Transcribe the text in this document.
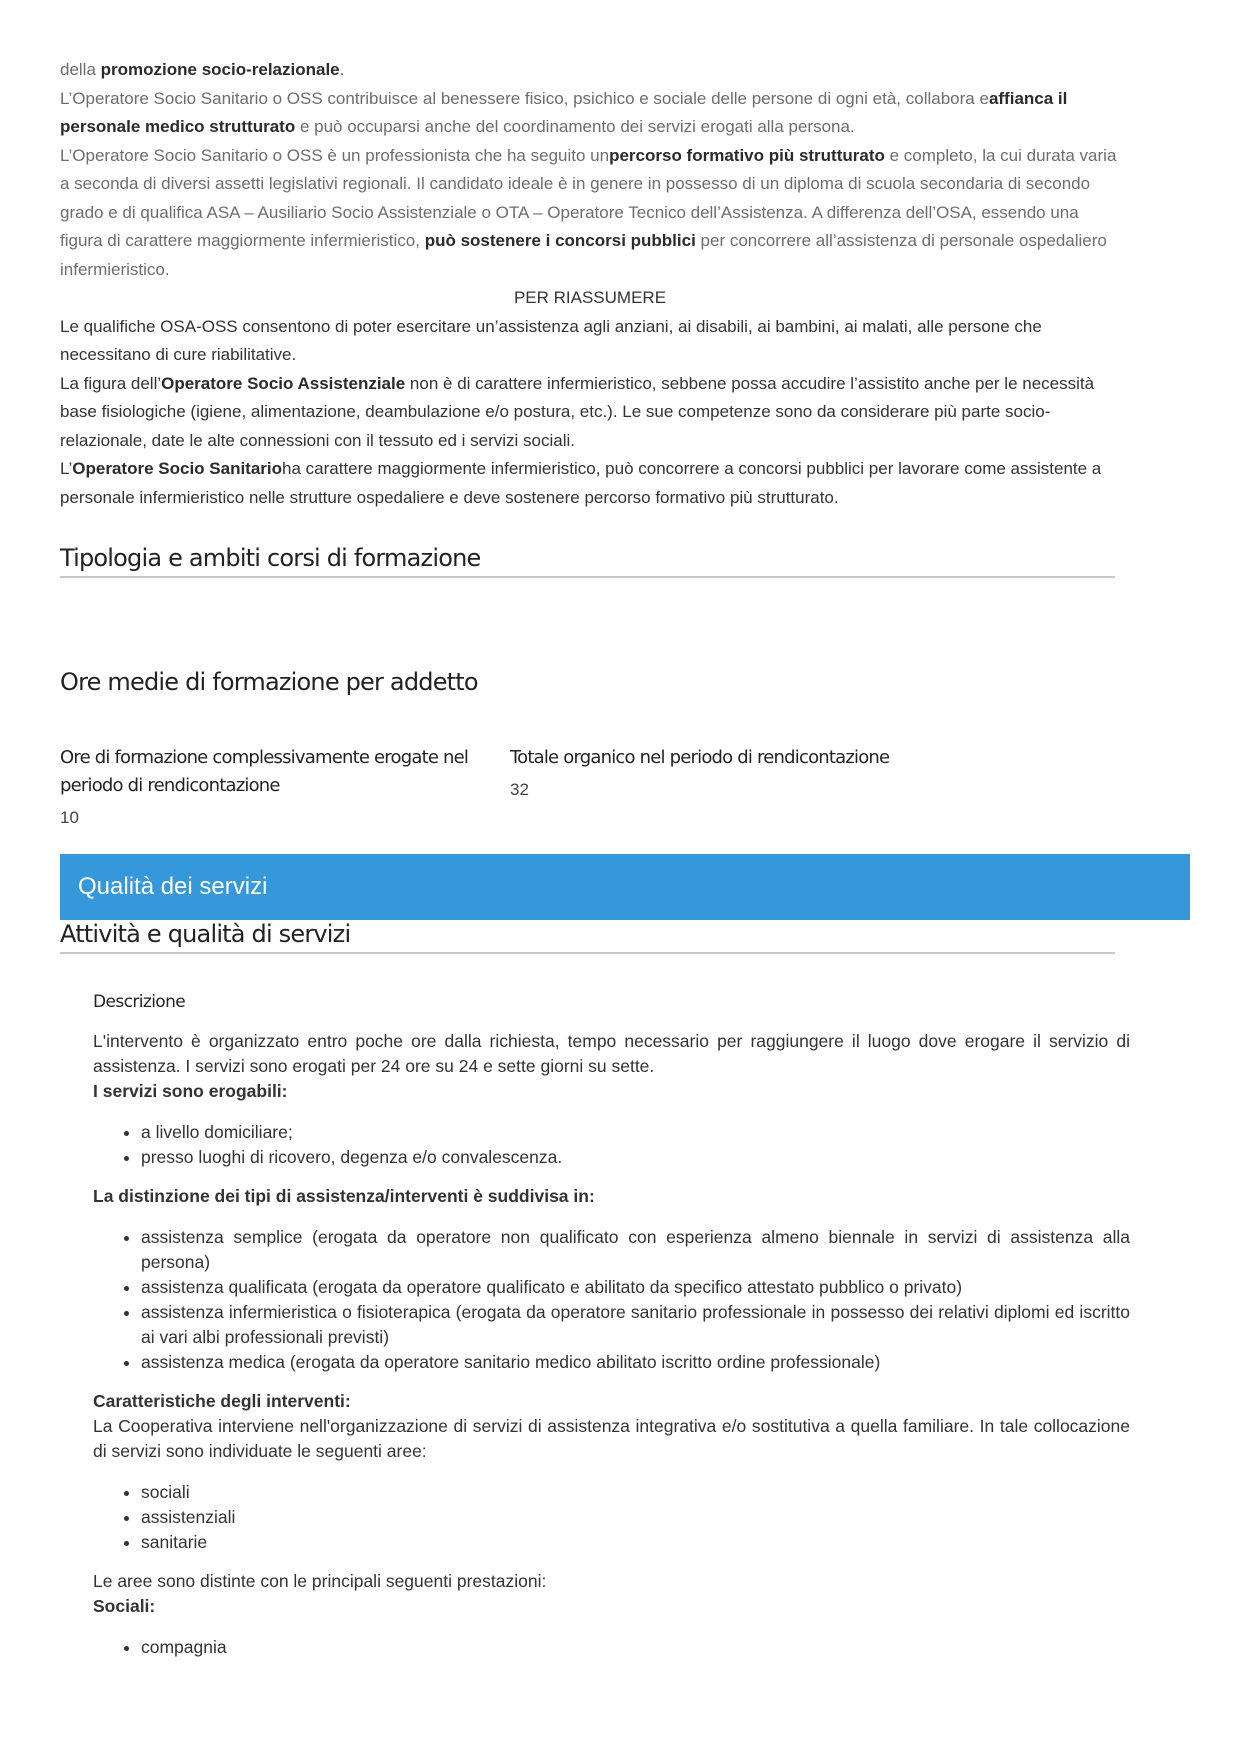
della promozione socio-relazionale.

L’Operatore Socio Sanitario o OSS contribuisce al benessere fisico, psichico e sociale delle persone di ogni età, collabora eaffianca il personale medico strutturato e può occuparsi anche del coordinamento dei servizi erogati alla persona.

L’Operatore Socio Sanitario o OSS è un professionista che ha seguito unpercorso formativo più strutturato e completo, la cui durata varia a seconda di diversi assetti legislativi regionali. Il candidato ideale è in genere in possesso di un diploma di scuola secondaria di secondo grado e di qualifica ASA – Ausiliario Socio Assistenziale o OTA – Operatore Tecnico dell’Assistenza. A differenza dell’OSA, essendo una figura di carattere maggiormente infermieristico, può sostenere i concorsi pubblici per concorrere all’assistenza di personale ospedaliero infermieristico.

PER RIASSUMERE

Le qualifiche OSA-OSS consentono di poter esercitare un’assistenza agli anziani, ai disabili, ai bambini, ai malati, alle persone che necessitano di cure riabilitative.

La figura dell’Operatore Socio Assistenziale non è di carattere infermieristico, sebbene possa accudire l’assistito anche per le necessità base fisiologiche (igiene, alimentazione, deambulazione e/o postura, etc.). Le sue competenze sono da considerare più parte socio-relazionale, date le alte connessioni con il tessuto ed i servizi sociali.

L’Operatore Socio Sanitarioha carattere maggiormente infermieristico, può concorrere a concorsi pubblici per lavorare come assistente a personale infermieristico nelle strutture ospedaliere e deve sostenere percorso formativo più strutturato.

Tipologia e ambiti corsi di formazione
Ore medie di formazione per addetto
Ore di formazione complessivamente erogate nel periodo di rendicontazione
10
Totale organico nel periodo di rendicontazione
32
Qualità dei servizi
Attività e qualità di servizi
Descrizione

L'intervento è organizzato entro poche ore dalla richiesta, tempo necessario per raggiungere il luogo dove erogare il servizio di assistenza. I servizi sono erogati per 24 ore su 24 e sette giorni su sette.

I servizi sono erogabili:

• a livello domiciliare;
• presso luoghi di ricovero, degenza e/o convalescenza.

La distinzione dei tipi di assistenza/interventi è suddivisa in:

• assistenza semplice (erogata da operatore non qualificato con esperienza almeno biennale in servizi di assistenza alla persona)
• assistenza qualificata (erogata da operatore qualificato e abilitato da specifico attestato pubblico o privato)
• assistenza infermieristica o fisioterapica (erogata da operatore sanitario professionale in possesso dei relativi diplomi ed iscritto ai vari albi professionali previsti)
• assistenza medica (erogata da operatore sanitario medico abilitato iscritto ordine professionale)

Caratteristiche degli interventi:

La Cooperativa interviene nell'organizzazione di servizi di assistenza integrativa e/o sostitutiva a quella familiare. In tale collocazione di servizi sono individuate le seguenti aree:

• sociali
• assistenziali
• sanitarie

Le aree sono distinte con le principali seguenti prestazioni:

Sociali:

• compagnia
